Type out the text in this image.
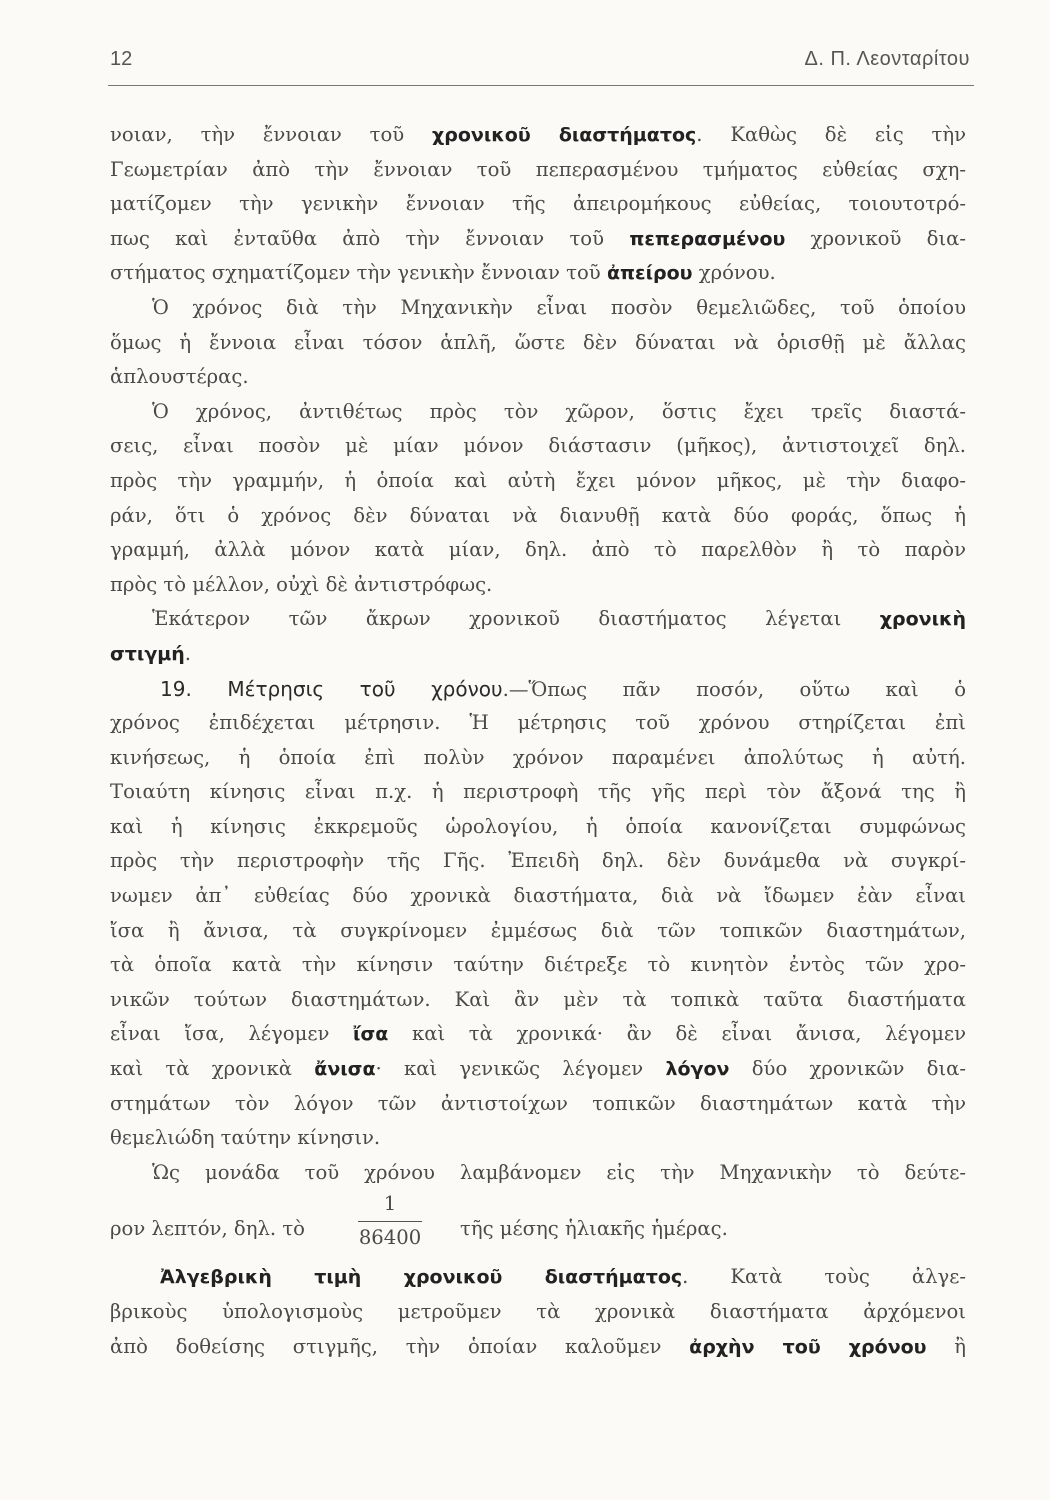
12	Δ. Π. Λεονταρίτου
νοιαν, τὴν ἔννοιαν τοῦ χρονικοῦ διαστήματος. Καθὼς δὲ εἰς τὴν
Γεωμετρίαν ἀπὸ τὴν ἔννοιαν τοῦ πεπερασμένου τμήματος εὐθείας σχη-
ματίζομεν τὴν γενικὴν ἔννοιαν τῆς ἀπειρομήκους εὐθείας, τοιουτοτρό-
πως καὶ ἐνταῦθα ἀπὸ τὴν ἔννοιαν τοῦ πεπερασμένου χρονικοῦ δια-
στήματος σχηματίζομεν τὴν γενικὴν ἔννοιαν τοῦ ἀπείρου χρόνου.
Ὁ χρόνος διὰ τὴν Μηχανικὴν εἶναι ποσὸν θεμελιῶδες, τοῦ ὁποίου
ὅμως ἡ ἔννοια εἶναι τόσον ἁπλῆ, ὥστε δὲν δύναται νὰ ὁρισθῇ μὲ ἄλλας
ἁπλουστέρας.
Ὁ χρόνος, ἀντιθέτως πρὸς τὸν χῶρον, ὅστις ἔχει τρεῖς διαστά-
σεις, εἶναι ποσὸν μὲ μίαν μόνον διάστασιν (μῆκος), ἀντιστοιχεῖ δηλ.
πρὸς τὴν γραμμήν, ἡ ὁποία καὶ αὐτὴ ἔχει μόνον μῆκος, μὲ τὴν διαφο-
ράν, ὅτι ὁ χρόνος δὲν δύναται νὰ διανυθῇ κατὰ δύο φοράς, ὅπως ἡ
γραμμή, ἀλλὰ μόνον κατὰ μίαν, δηλ. ἀπὸ τὸ παρελθὸν ἢ τὸ παρὸν
πρὸς τὸ μέλλον, οὐχὶ δὲ ἀντιστρόφως.
Ἑκάτερον τῶν ἄκρων χρονικοῦ διαστήματος λέγεται χρονικὴ
στιγμή.
19. Μέτρησις τοῦ χρόνου.—Ὅπως πᾶν ποσόν, οὕτω καὶ ὁ
χρόνος ἐπιδέχεται μέτρησιν. Ἡ μέτρησις τοῦ χρόνου στηρίζεται ἐπὶ
κινήσεως, ἡ ὁποία ἐπὶ πολὺν χρόνον παραμένει ἀπολύτως ἡ αὐτή.
Τοιαύτη κίνησις εἶναι π.χ. ἡ περιστροφὴ τῆς γῆς περὶ τὸν ἄξονά της ἢ
καὶ ἡ κίνησις ἐκκρεμοῦς ὡρολογίου, ἡ ὁποία κανονίζεται συμφώνως
πρὸς τὴν περιστροφὴν τῆς Γῆς. Ἐπειδὴ δηλ. δὲν δυνάμεθα νὰ συγκρί-
νωμεν ἀπ᾿ εὐθείας δύο χρονικὰ διαστήματα, διὰ νὰ ἴδωμεν ἐὰν εἶναι
ἴσα ἢ ἄνισα, τὰ συγκρίνομεν ἐμμέσως διὰ τῶν τοπικῶν διαστημάτων,
τὰ ὁποῖα κατὰ τὴν κίνησιν ταύτην διέτρεξε τὸ κινητὸν ἐντὸς τῶν χρο-
νικῶν τούτων διαστημάτων. Καὶ ἂν μὲν τὰ τοπικὰ ταῦτα διαστήματα
εἶναι ἴσα, λέγομεν ἴσα καὶ τὰ χρονικά· ἂν δὲ εἶναι ἄνισα, λέγομεν
καὶ τὰ χρονικὰ ἄνισα· καὶ γενικῶς λέγομεν λόγον δύο χρονικῶν δια-
στημάτων τὸν λόγον τῶν ἀντιστοίχων τοπικῶν διαστημάτων κατὰ τὴν
θεμελιώδη ταύτην κίνησιν.
Ὡς μονάδα τοῦ χρόνου λαμβάνομεν εἰς τὴν Μηχανικὴν τὸ δεύτε-
ρον λεπτόν, δηλ. τὸ
1
86400 τῆς μέσης ἡλιακῆς ἡμέρας.
Ἀλγεβρικὴ τιμὴ χρονικοῦ διαστήματος. Κατὰ τοὺς ἀλγε-
βρικοὺς ὑπολογισμοὺς μετροῦμεν τὰ χρονικὰ διαστήματα ἀρχόμενοι
ἀπὸ δοθείσης στιγμῆς, τὴν ὁποίαν καλοῦμεν ἀρχὴν τοῦ χρόνου ἢ
